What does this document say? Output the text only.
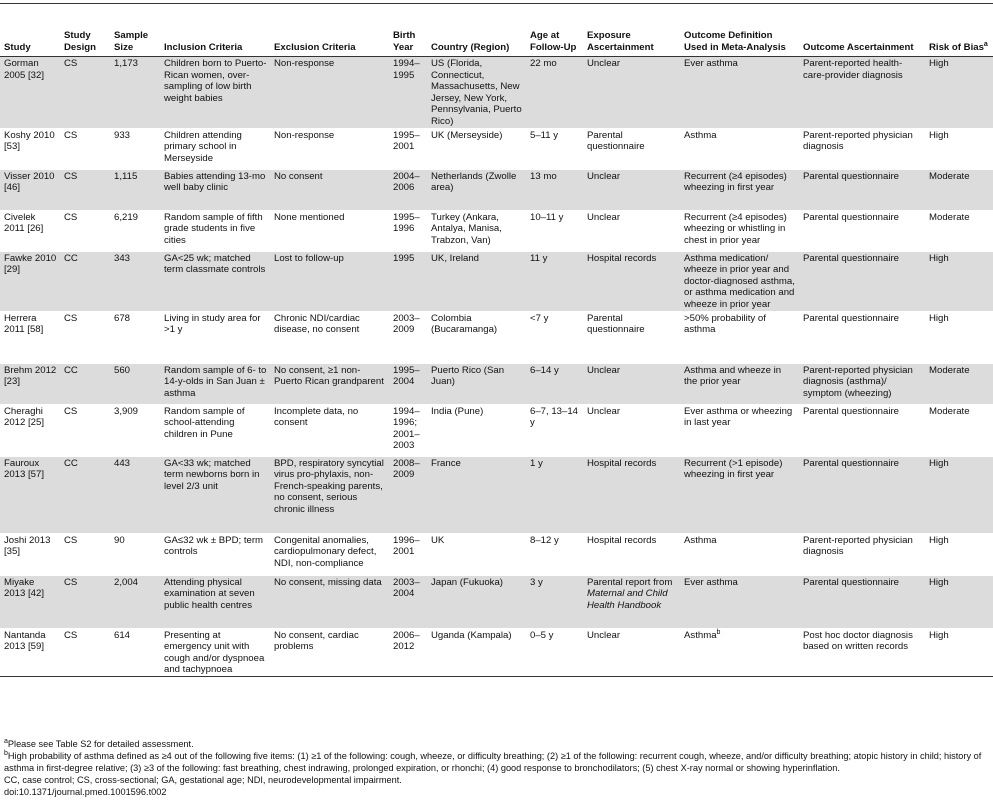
Study	Study Design	Sample Size	Inclusion Criteria	Exclusion Criteria	Birth Year	Country (Region)	Age at Follow-Up	Exposure Ascertainment	Outcome Definition Used in Meta-Analysis	Outcome Ascertainment	Risk of Bias$^a$
Gorman 2005 [32]	CS	1,173	Children born to Puerto-Rican women, over-sampling of low birth weight babies	Non-response	1994–1995	US (Florida, Connecticut, Massachusetts, New Jersey, New York, Pennsylvania, Puerto Rico)	22 mo	Unclear	Ever asthma	Parent-reported health-care-provider diagnosis	High
Koshy 2010 [53]	CS	933	Children attending primary school in Merseyside	Non-response	1995–2001	UK (Merseyside)	5–11 y	Parental questionnaire	Asthma	Parent-reported physician diagnosis	High
Visser 2010 [46]	CS	1,115	Babies attending 13-mo well baby clinic	No consent	2004–2006	Netherlands (Zwolle area)	13 mo	Unclear	Recurrent (≥4 episodes) wheezing in first year	Parental questionnaire	Moderate
Civelek 2011 [26]	CS	6,219	Random sample of fifth grade students in five cities	None mentioned	1995–1996	Turkey (Ankara, Antalya, Manisa, Trabzon, Van)	10–11 y	Unclear	Recurrent (≥4 episodes) wheezing or whistling in chest in prior year	Parental questionnaire	Moderate
Fawke 2010 [29]	CC	343	GA<25 wk; matched term classmate controls	Lost to follow-up	1995	UK, Ireland	11 y	Hospital records	Asthma medication/ wheeze in prior year and doctor-diagnosed asthma, or asthma medication and wheeze in prior year	Parental questionnaire	High
Herrera 2011 [58]	CS	678	Living in study area for >1 y	Chronic NDI/cardiac disease, no consent	2003–2009	Colombia (Bucaramanga)	<7 y	Parental questionnaire	>50% probability of asthma	Parental questionnaire	High
Brehm 2012 [23]	CC	560	Random sample of 6- to 14-y-olds in San Juan ± asthma	No consent, ≥1 non-Puerto Rican grandparent	1995–2004	Puerto Rico (San Juan)	6–14 y	Unclear	Asthma and wheeze in the prior year	Parent-reported physician diagnosis (asthma)/ symptom (wheezing)	Moderate
Cheraghi 2012 [25]	CS	3,909	Random sample of school-attending children in Pune	Incomplete data, no consent	1994–1996; 2001–2003	India (Pune)	6–7, 13–14 y	Unclear	Ever asthma or wheezing in last year	Parental questionnaire	Moderate
Fauroux 2013 [57]	CC	443	GA<33 wk; matched term newborns born in level 2/3 unit	BPD, respiratory syncytial virus pro-phylaxis, non-French-speaking parents, no consent, serious chronic illness	2008–2009	France	1 y	Hospital records	Recurrent (>1 episode) wheezing in first year	Parental questionnaire	High
Joshi 2013 [35]	CS	90	GA≤32 wk ± BPD; term controls	Congenital anomalies, cardiopulmonary defect, NDI, non-compliance	1996–2001	UK	8–12 y	Hospital records	Asthma	Parent-reported physician diagnosis	High
Miyake 2013 [42]	CS	2,004	Attending physical examination at seven public health centres	No consent, missing data	2003–2004	Japan (Fukuoka)	3 y	Parental report from Maternal and Child Health Handbook	Ever asthma	Parental questionnaire	High
Nantanda 2013 [59]	CS	614	Presenting at emergency unit with cough and/or dyspnoea and tachypnoea	No consent, cardiac problems	2006–2012	Uganda (Kampala)	0–5 y	Unclear	Asthma$^b$	Post hoc doctor diagnosis based on written records	High
$^a$Please see Table S2 for detailed assessment.
$^b$High probability of asthma defined as ≥4 out of the following five items: (1) ≥1 of the following: cough, wheeze, or difficulty breathing; (2) ≥1 of the following: recurrent cough, wheeze, and/or difficulty breathing; atopic history in child; history of asthma in first-degree relative; (3) ≥3 of the following: fast breathing, chest indrawing, prolonged expiration, or rhonchi; (4) good response to bronchodilators; (5) chest X-ray normal or showing hyperinflation.
CC, case control; CS, cross-sectional; GA, gestational age; NDI, neurodevelopmental impairment.
doi:10.1371/journal.pmed.1001596.t002
